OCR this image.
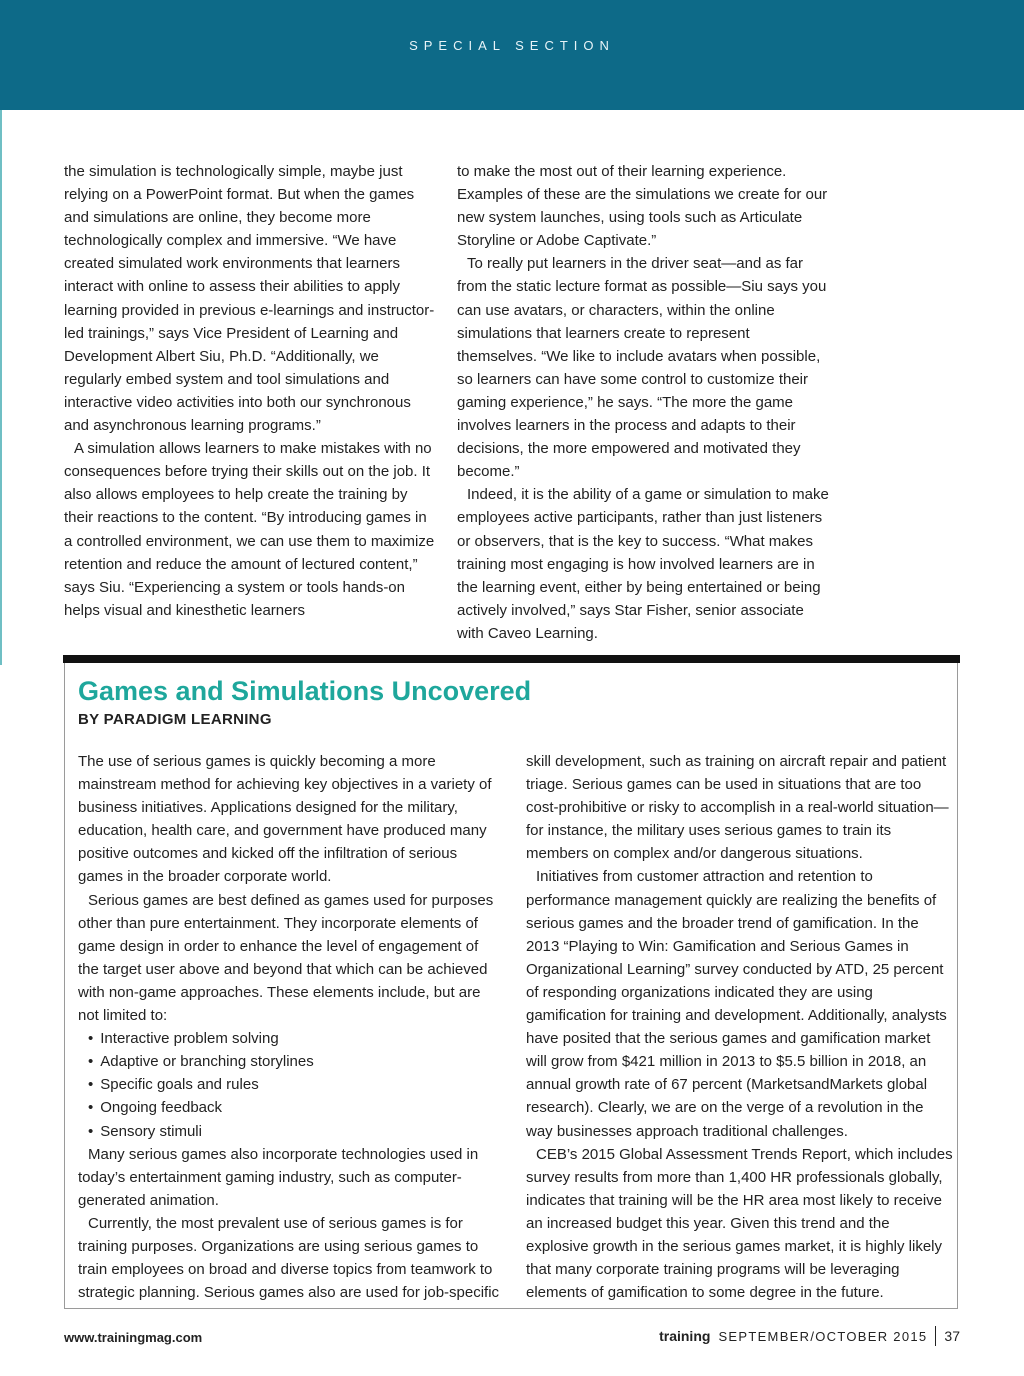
SPECIAL SECTION

the simulation is technologically simple, maybe just relying on a PowerPoint format. But when the games and simulations are online, they become more technologically complex and immersive. “We have created simulated work environments that learners interact with online to assess their abilities to apply learning provided in previous e-learnings and instructor-led trainings,” says Vice President of Learning and Development Albert Siu, Ph.D. “Additionally, we regularly embed system and tool simulations and interactive video activities into both our synchronous and asynchronous learning programs.”

A simulation allows learners to make mistakes with no consequences before trying their skills out on the job. It also allows employees to help create the training by their reactions to the content. “By introducing games in a controlled environment, we can use them to maximize retention and reduce the amount of lectured content,” says Siu. “Experiencing a system or tools hands-on helps visual and kinesthetic learners

to make the most out of their learning experience. Examples of these are the simulations we create for our new system launches, using tools such as Articulate Storyline or Adobe Captivate.”

To really put learners in the driver seat—and as far from the static lecture format as possible—Siu says you can use avatars, or characters, within the online simulations that learners create to represent themselves. “We like to include avatars when possible, so learners can have some control to customize their gaming experience,” he says. “The more the game involves learners in the process and adapts to their decisions, the more empowered and motivated they become.”

Indeed, it is the ability of a game or simulation to make employees active participants, rather than just listeners or observers, that is the key to success. “What makes training most engaging is how involved learners are in the learning event, either by being entertained or being actively involved,” says Star Fisher, senior associate with Caveo Learning.

Games and Simulations Uncovered
BY PARADIGM LEARNING

The use of serious games is quickly becoming a more mainstream method for achieving key objectives in a variety of business initiatives. Applications designed for the military, education, health care, and government have produced many positive outcomes and kicked off the infiltration of serious games in the broader corporate world.

Serious games are best defined as games used for purposes other than pure entertainment. They incorporate elements of game design in order to enhance the level of engagement of the target user above and beyond that which can be achieved with non-game approaches. These elements include, but are not limited to:

• Interactive problem solving
• Adaptive or branching storylines
• Specific goals and rules
• Ongoing feedback
• Sensory stimuli

Many serious games also incorporate technologies used in today’s entertainment gaming industry, such as computer-generated animation.

Currently, the most prevalent use of serious games is for training purposes. Organizations are using serious games to train employees on broad and diverse topics from teamwork to strategic planning. Serious games also are used for job-specific

skill development, such as training on aircraft repair and patient triage. Serious games can be used in situations that are too cost-prohibitive or risky to accomplish in a real-world situation—for instance, the military uses serious games to train its members on complex and/or dangerous situations.

Initiatives from customer attraction and retention to performance management quickly are realizing the benefits of serious games and the broader trend of gamification. In the 2013 “Playing to Win: Gamification and Serious Games in Organizational Learning” survey conducted by ATD, 25 percent of responding organizations indicated they are using gamification for training and development. Additionally, analysts have posited that the serious games and gamification market will grow from $421 million in 2013 to $5.5 billion in 2018, an annual growth rate of 67 percent (MarketsandMarkets global research). Clearly, we are on the verge of a revolution in the way businesses approach traditional challenges.

CEB’s 2015 Global Assessment Trends Report, which includes survey results from more than 1,400 HR professionals globally, indicates that training will be the HR area most likely to receive an increased budget this year. Given this trend and the explosive growth in the serious games market, it is highly likely that many corporate training programs will be leveraging elements of gamification to some degree in the future.

www.trainingmag.com	training SEPTEMBER/OCTOBER 2015 37
